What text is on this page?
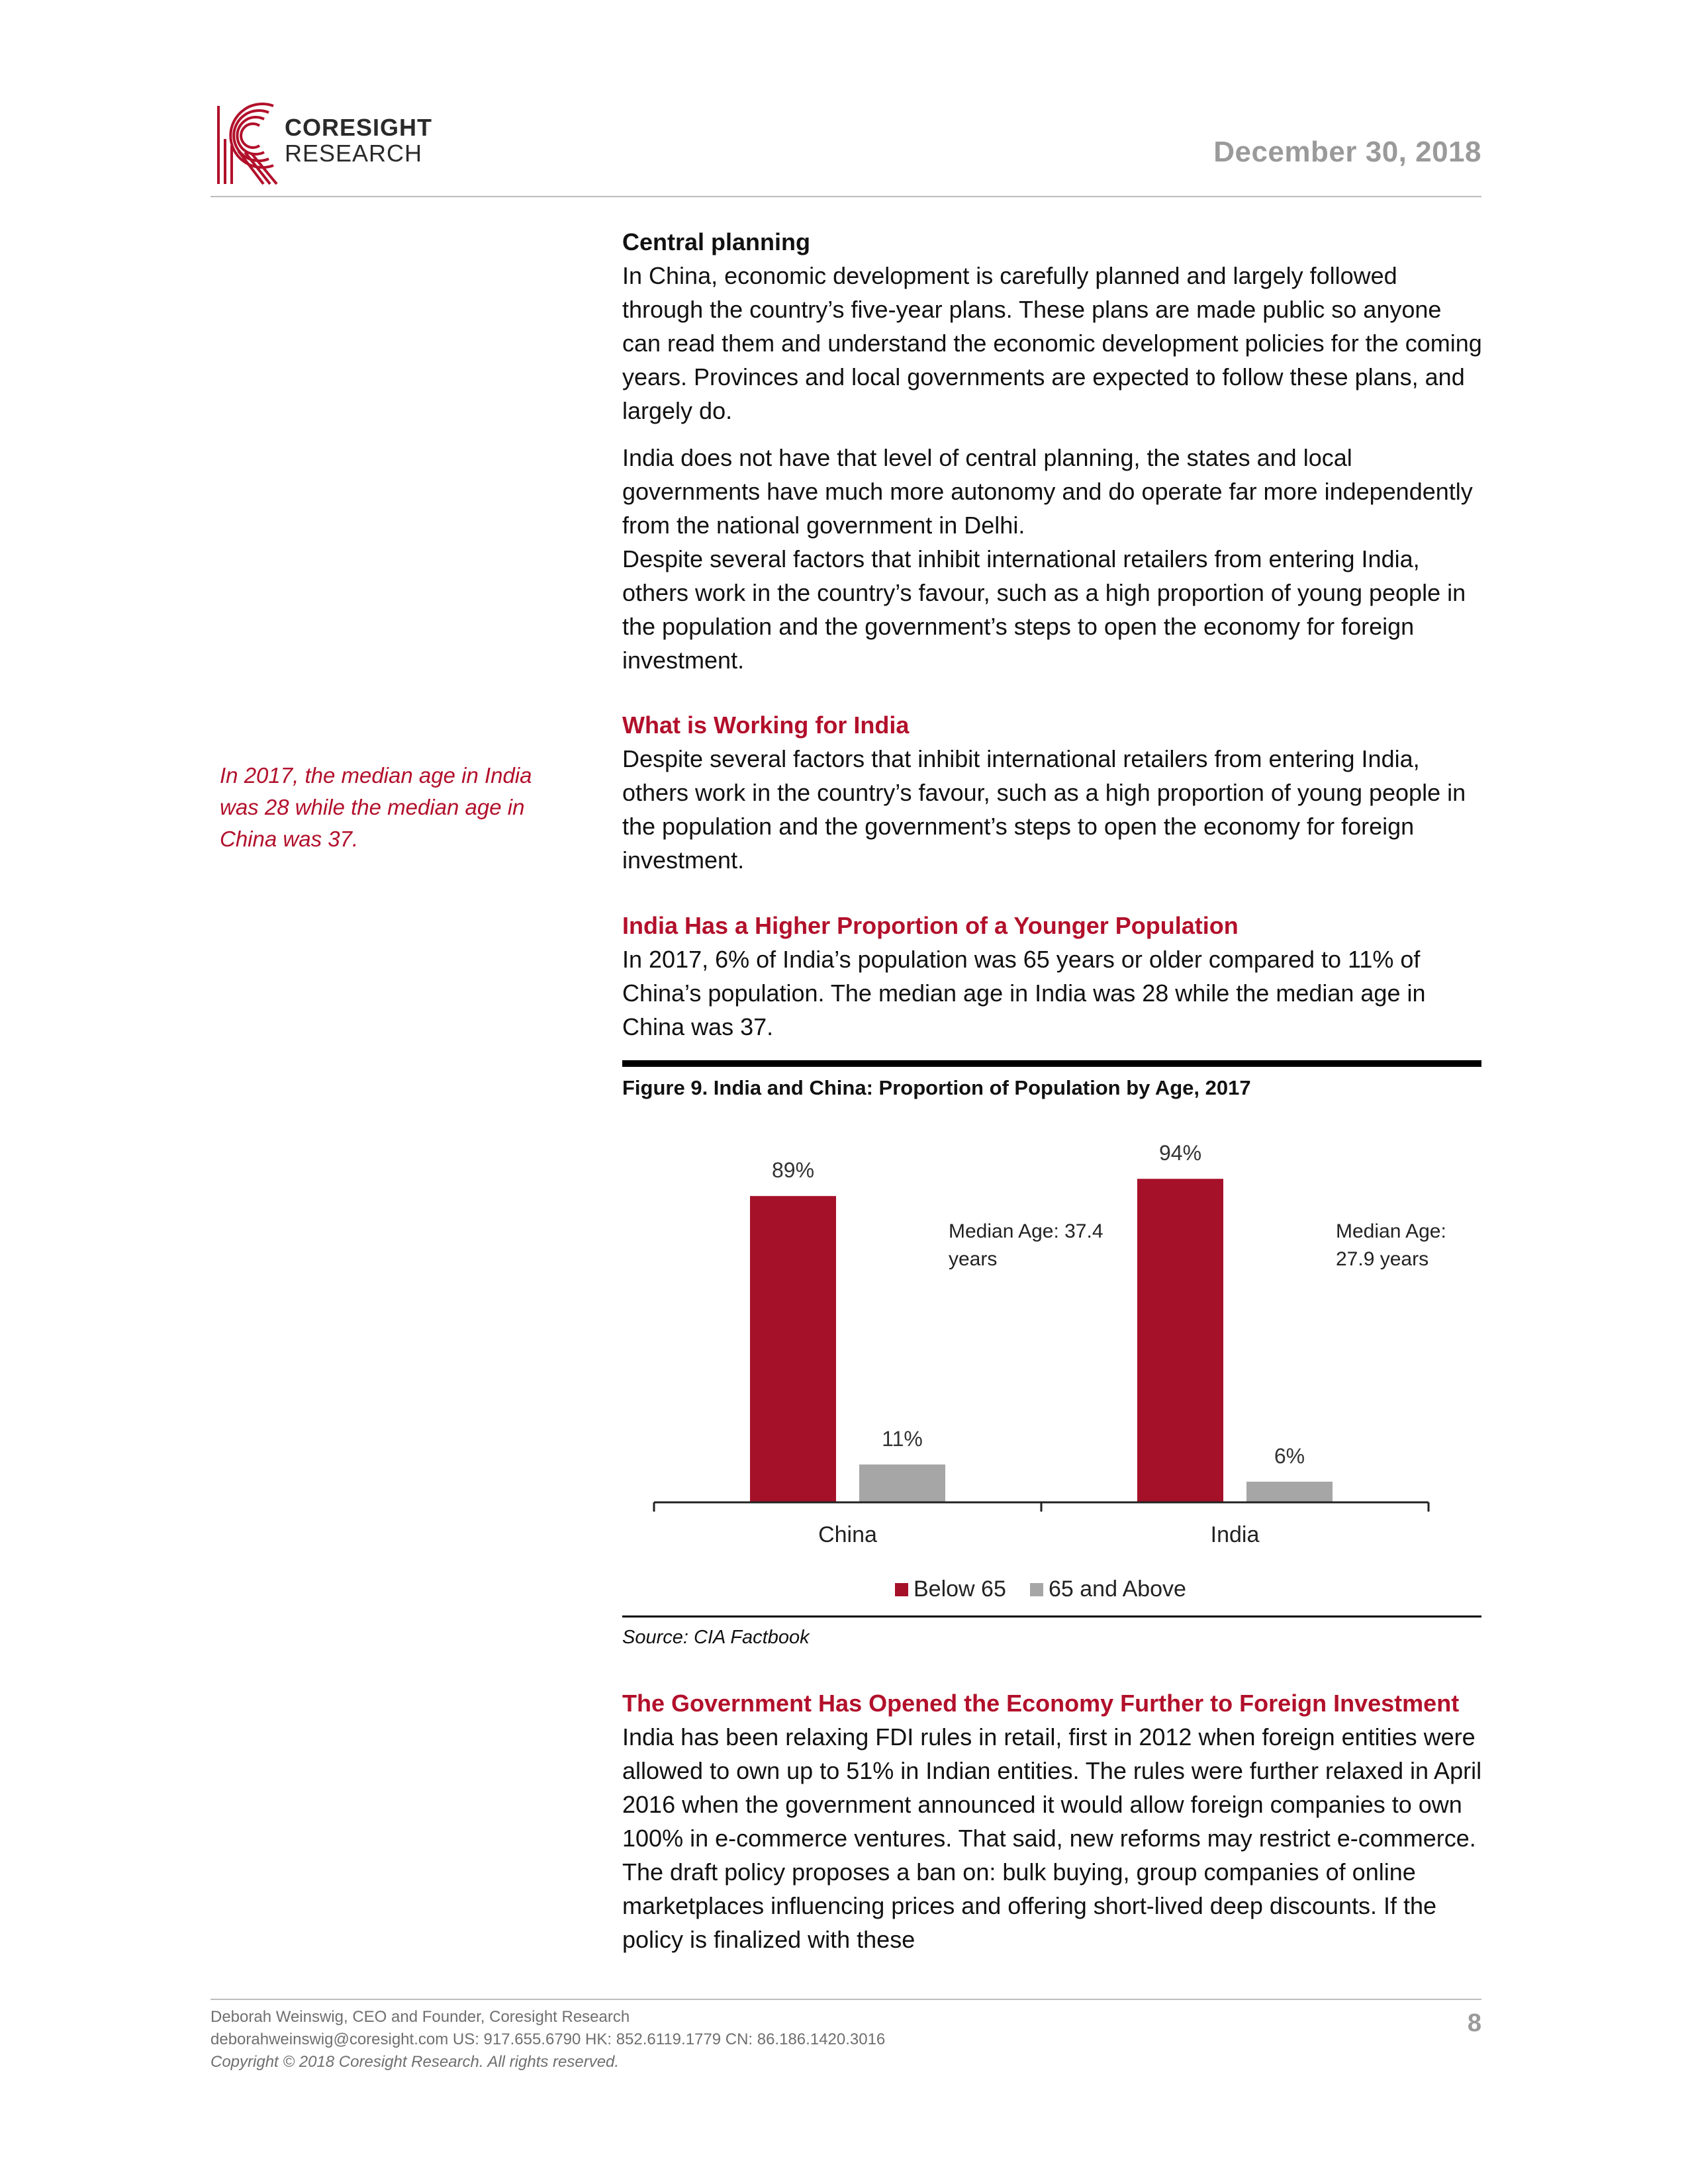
CORESIGHT
RESEARCH	December 30, 2018
In 2017, the median age in India was 28 while the median age in China was 37.

Central planning

In China, economic development is carefully planned and largely followed through the country’s five-year plans. These plans are made public so anyone can read them and understand the economic development policies for the coming years. Provinces and local governments are expected to follow these plans, and largely do.

India does not have that level of central planning, the states and local governments have much more autonomy and do operate far more independently from the national government in Delhi.

Despite several factors that inhibit international retailers from entering India, others work in the country’s favour, such as a high proportion of young people in the population and the government’s steps to open the economy for foreign investment.

What is Working for India

Despite several factors that inhibit international retailers from entering India, others work in the country’s favour, such as a high proportion of young people in the population and the government’s steps to open the economy for foreign investment.

India Has a Higher Proportion of a Younger Population

In 2017, 6% of India’s population was 65 years or older compared to 11% of China’s population. The median age in India was 28 while the median age in China was 37.

Figure 9. India and China: Proportion of Population by Age, 2017
89%
11%
94%
6%
Median Age: 37.4
years
Median Age:
27.9 years
China	India
Below 65 65 and Above
Source: CIA Factbook

The Government Has Opened the Economy Further to Foreign Investment

India has been relaxing FDI rules in retail, first in 2012 when foreign entities were allowed to own up to 51% in Indian entities. The rules were further relaxed in April 2016 when the government announced it would allow foreign companies to own 100% in e-commerce ventures. That said, new reforms may restrict e-commerce. The draft policy proposes a ban on: bulk buying, group companies of online marketplaces influencing prices and offering short-lived deep discounts. If the policy is finalized with these

Deborah Weinswig, CEO and Founder, Coresight Research
deborahweinswig@coresight.com US: 917.655.6790 HK: 852.6119.1779 CN: 86.186.1420.3016
Copyright © 2018 Coresight Research. All rights reserved.
8
